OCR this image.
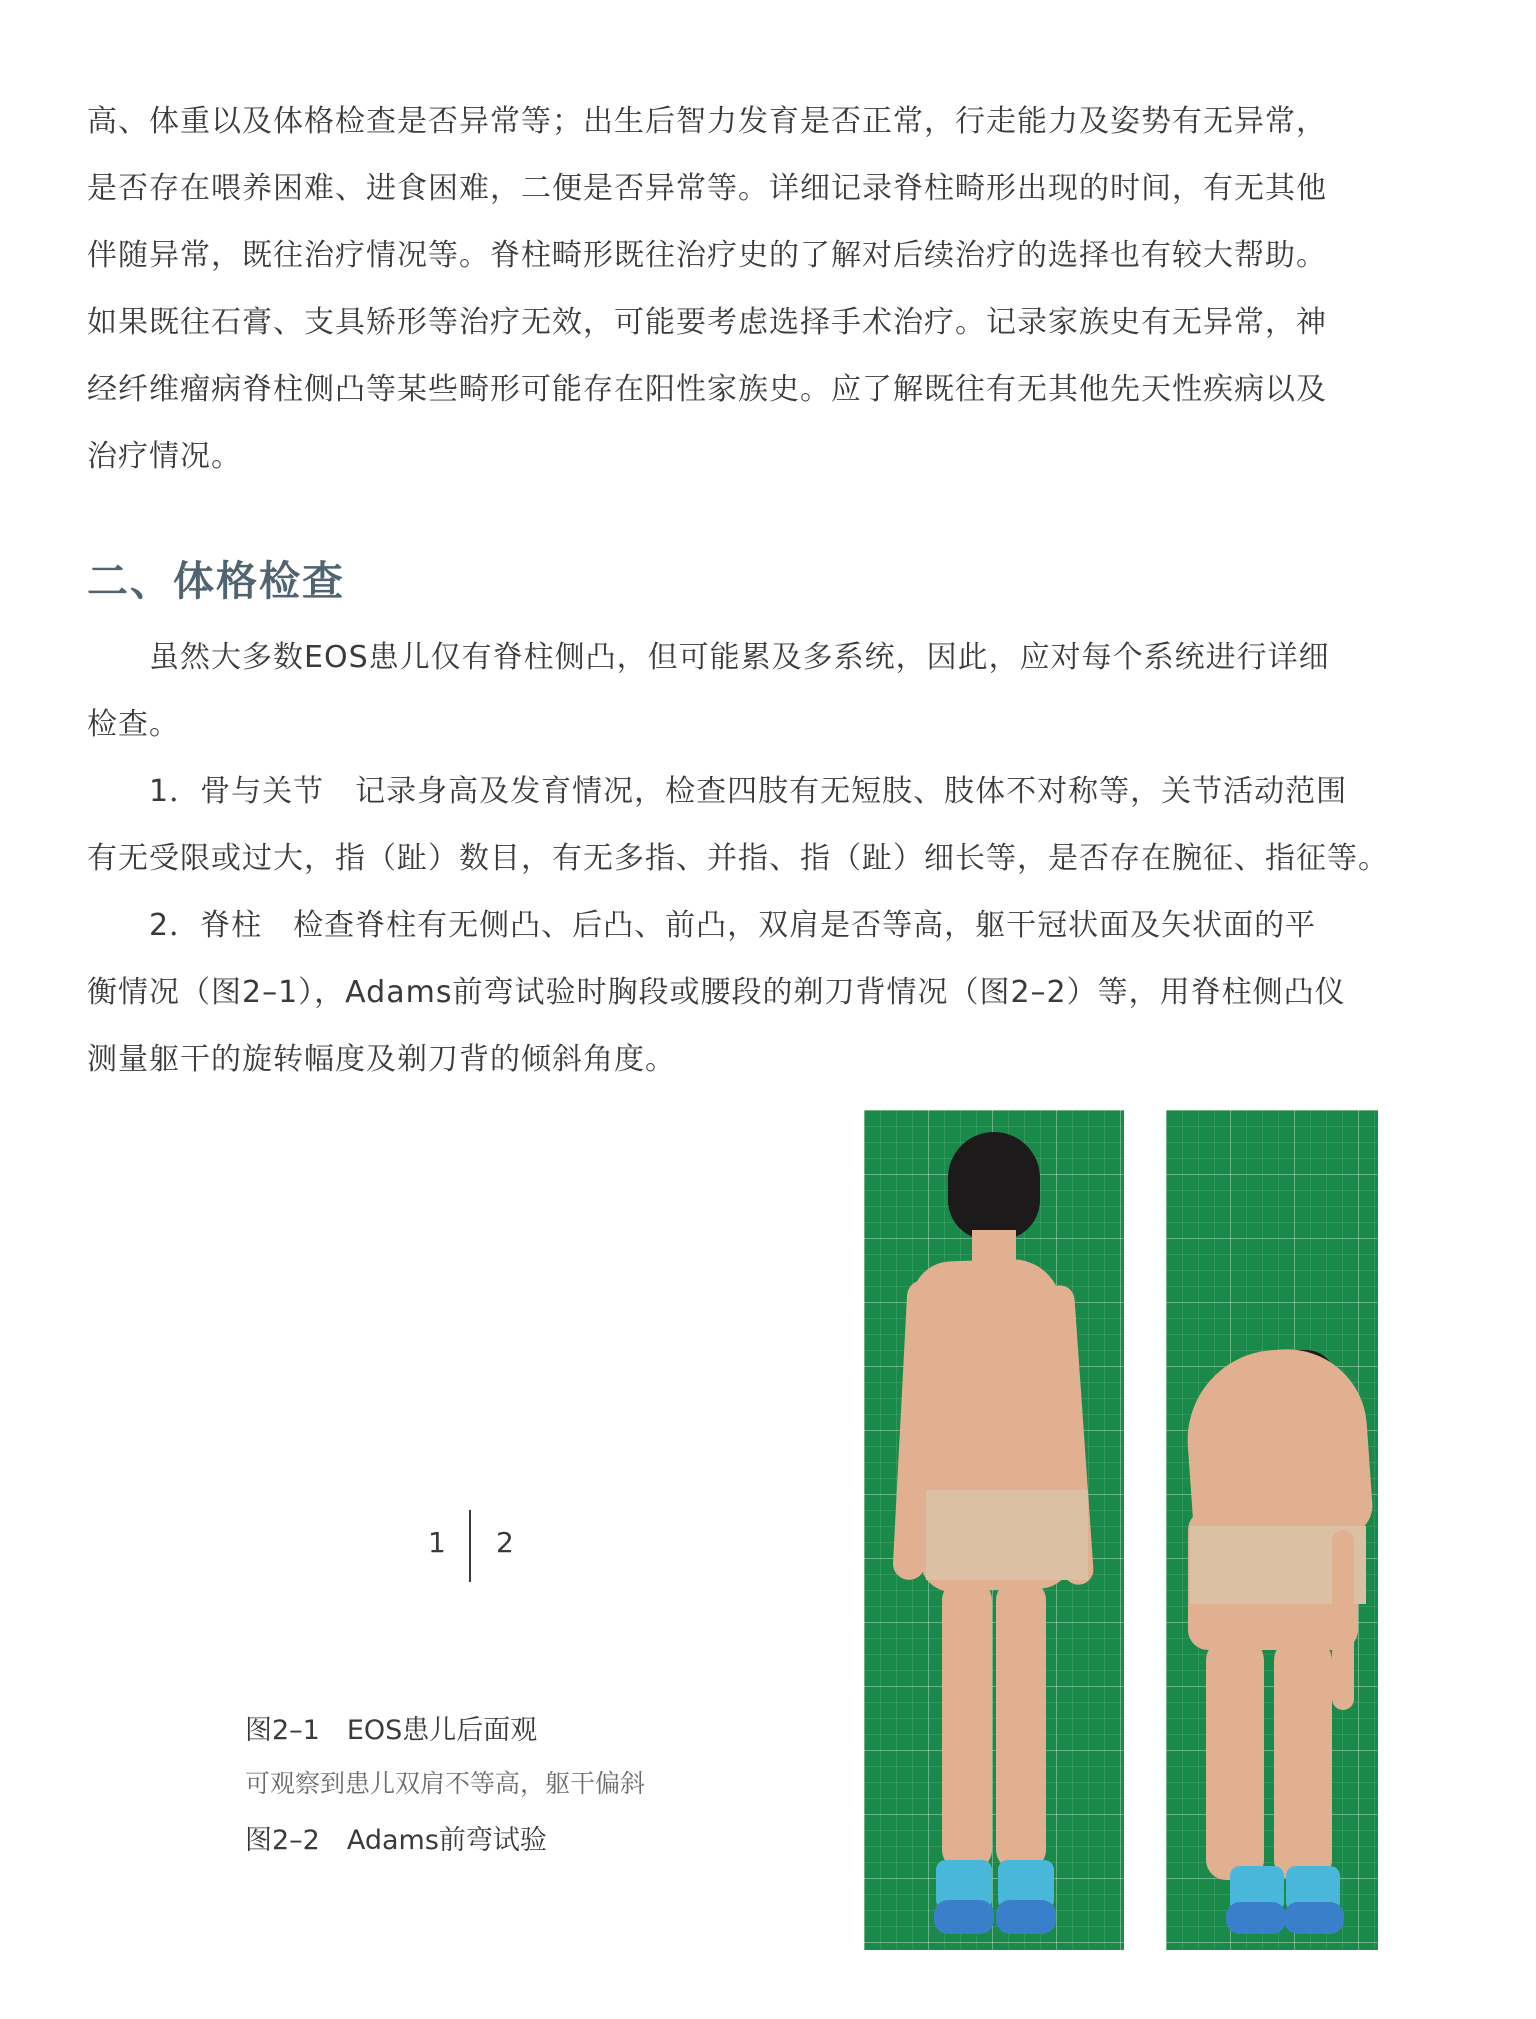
高、体重以及体格检查是否异常等；出生后智力发育是否正常，行走能力及姿势有无异常，
是否存在喂养困难、进食困难，二便是否异常等。详细记录脊柱畸形出现的时间，有无其他
伴随异常，既往治疗情况等。脊柱畸形既往治疗史的了解对后续治疗的选择也有较大帮助。
如果既往石膏、支具矫形等治疗无效，可能要考虑选择手术治疗。记录家族史有无异常，神
经纤维瘤病脊柱侧凸等某些畸形可能存在阳性家族史。应了解既往有无其他先天性疾病以及
治疗情况。
二、体格检查
　　虽然大多数EOS患儿仅有脊柱侧凸，但可能累及多系统，因此，应对每个系统进行详细
检查。
　　1．骨与关节　记录身高及发育情况，检查四肢有无短肢、肢体不对称等，关节活动范围
有无受限或过大，指（趾）数目，有无多指、并指、指（趾）细长等，是否存在腕征、指征等。
　　2．脊柱　检查脊柱有无侧凸、后凸、前凸，双肩是否等高，躯干冠状面及矢状面的平
衡情况（图2–1），Adams前弯试验时胸段或腰段的剃刀背情况（图2–2）等，用脊柱侧凸仪
测量躯干的旋转幅度及剃刀背的倾斜角度。
1 2
图2–1　EOS患儿后面观
可观察到患儿双肩不等高，躯干偏斜
图2–2　Adams前弯试验
